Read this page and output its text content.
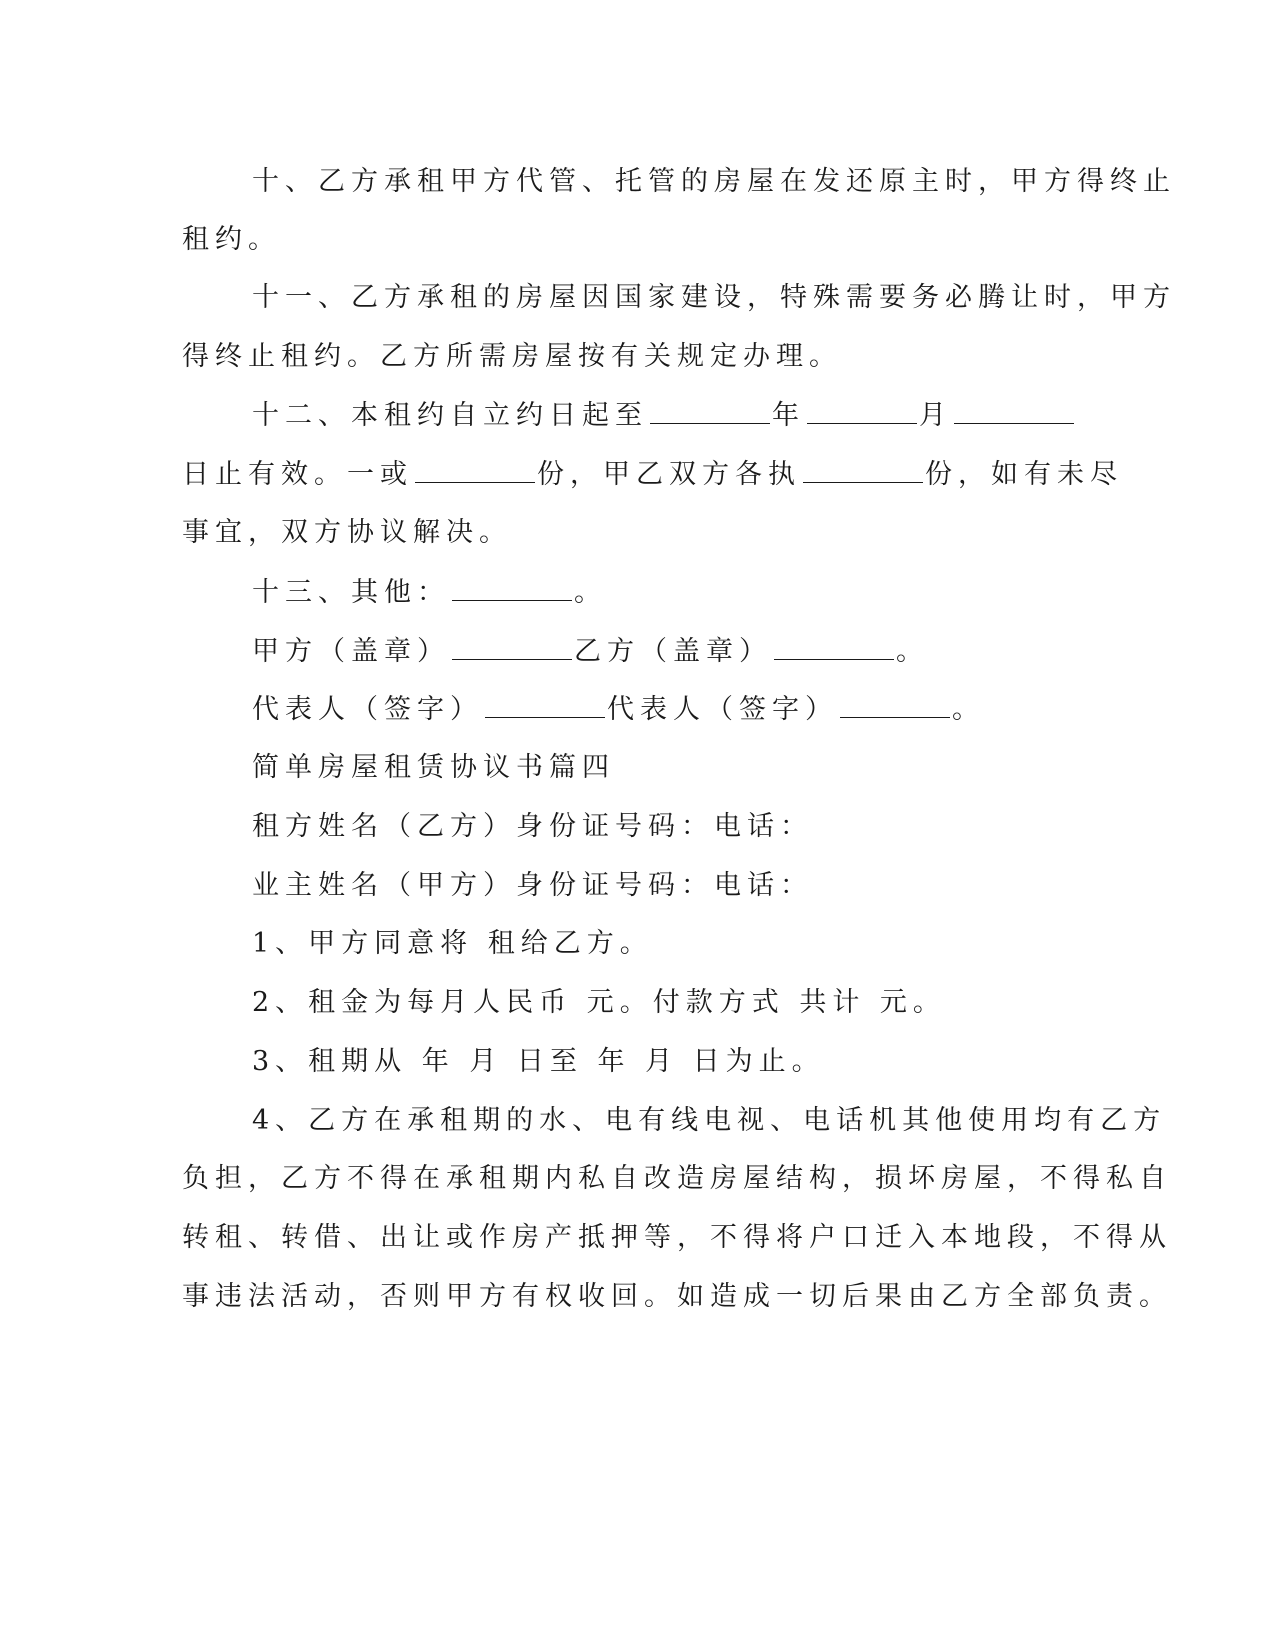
十、乙方承租甲方代管、托管的房屋在发还原主时，甲方得终止

租约。

十一、乙方承租的房屋因国家建设，特殊需要务必腾让时，甲方

得终止租约。乙方所需房屋按有关规定办理。

十二、本租约自立约日起至	年	月

日止有效。一或	份，甲乙双方各执	份，如有未尽

事宜，双方协议解决。

十三、其他：	。

甲方（盖章）	乙方（盖章）	。

代表人（签字）	代表人（签字）	。

简单房屋租赁协议书篇四

租方姓名（乙方）身份证号码：电话：

业主姓名（甲方）身份证号码：电话：

1、甲方同意将 租给乙方。

2、租金为每月人民币 元。付款方式 共计 元。

3、租期从 年 月 日至 年 月 日为止。

4、乙方在承租期的水、电有线电视、电话机其他使用均有乙方

负担，乙方不得在承租期内私自改造房屋结构，损坏房屋，不得私自

转租、转借、出让或作房产抵押等，不得将户口迁入本地段，不得从

事违法活动，否则甲方有权收回。如造成一切后果由乙方全部负责。
